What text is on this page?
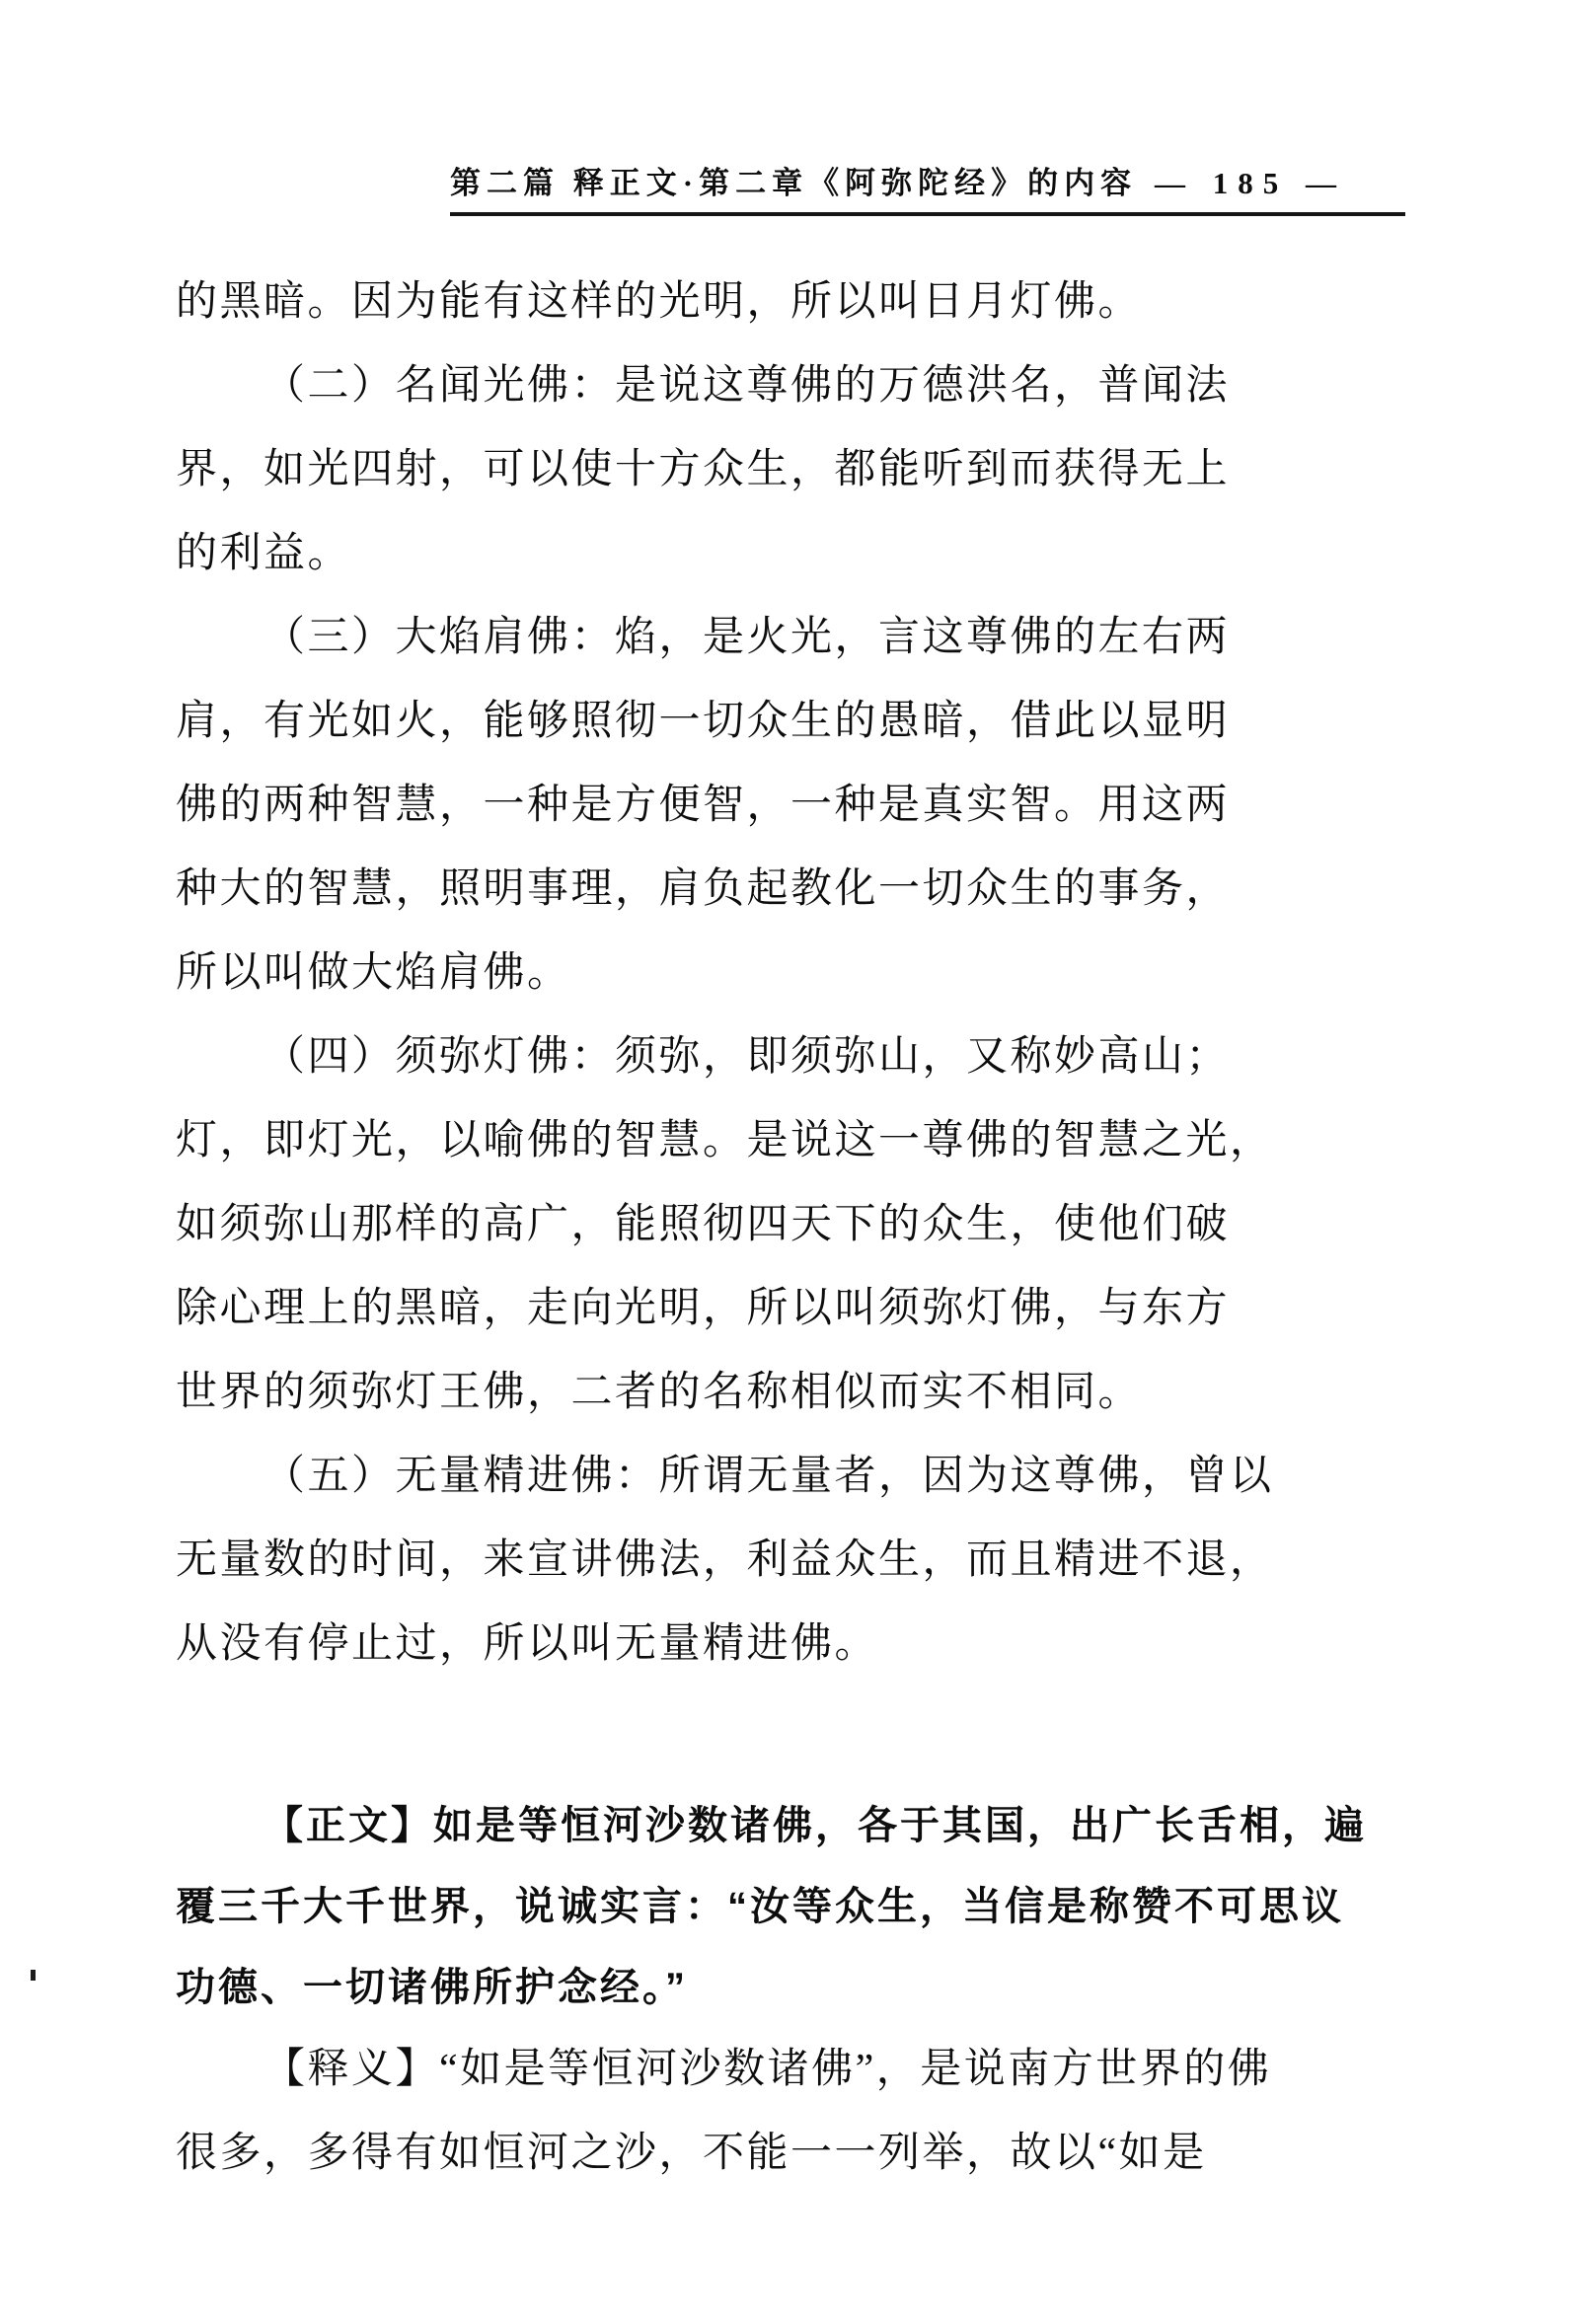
第二篇 释正文·第二章《阿弥陀经》的内容 — 185 —
的黑暗。因为能有这样的光明，所以叫日月灯佛。
（二）名闻光佛：是说这尊佛的万德洪名，普闻法
界，如光四射，可以使十方众生，都能听到而获得无上
的利益。
（三）大焰肩佛：焰，是火光，言这尊佛的左右两
肩，有光如火，能够照彻一切众生的愚暗，借此以显明
佛的两种智慧，一种是方便智，一种是真实智。用这两
种大的智慧，照明事理，肩负起教化一切众生的事务，
所以叫做大焰肩佛。
（四）须弥灯佛：须弥，即须弥山，又称妙高山；
灯，即灯光，以喻佛的智慧。是说这一尊佛的智慧之光，
如须弥山那样的高广，能照彻四天下的众生，使他们破
除心理上的黑暗，走向光明，所以叫须弥灯佛，与东方
世界的须弥灯王佛，二者的名称相似而实不相同。
（五）无量精进佛：所谓无量者，因为这尊佛，曾以
无量数的时间，来宣讲佛法，利益众生，而且精进不退，
从没有停止过，所以叫无量精进佛。
【正文】如是等恒河沙数诸佛，各于其国，出广长舌相，遍
覆三千大千世界，说诚实言：“汝等众生，当信是称赞不可思议
功德、一切诸佛所护念经。”
【释义】“如是等恒河沙数诸佛”，是说南方世界的佛
很多，多得有如恒河之沙，不能一一列举，故以“如是
